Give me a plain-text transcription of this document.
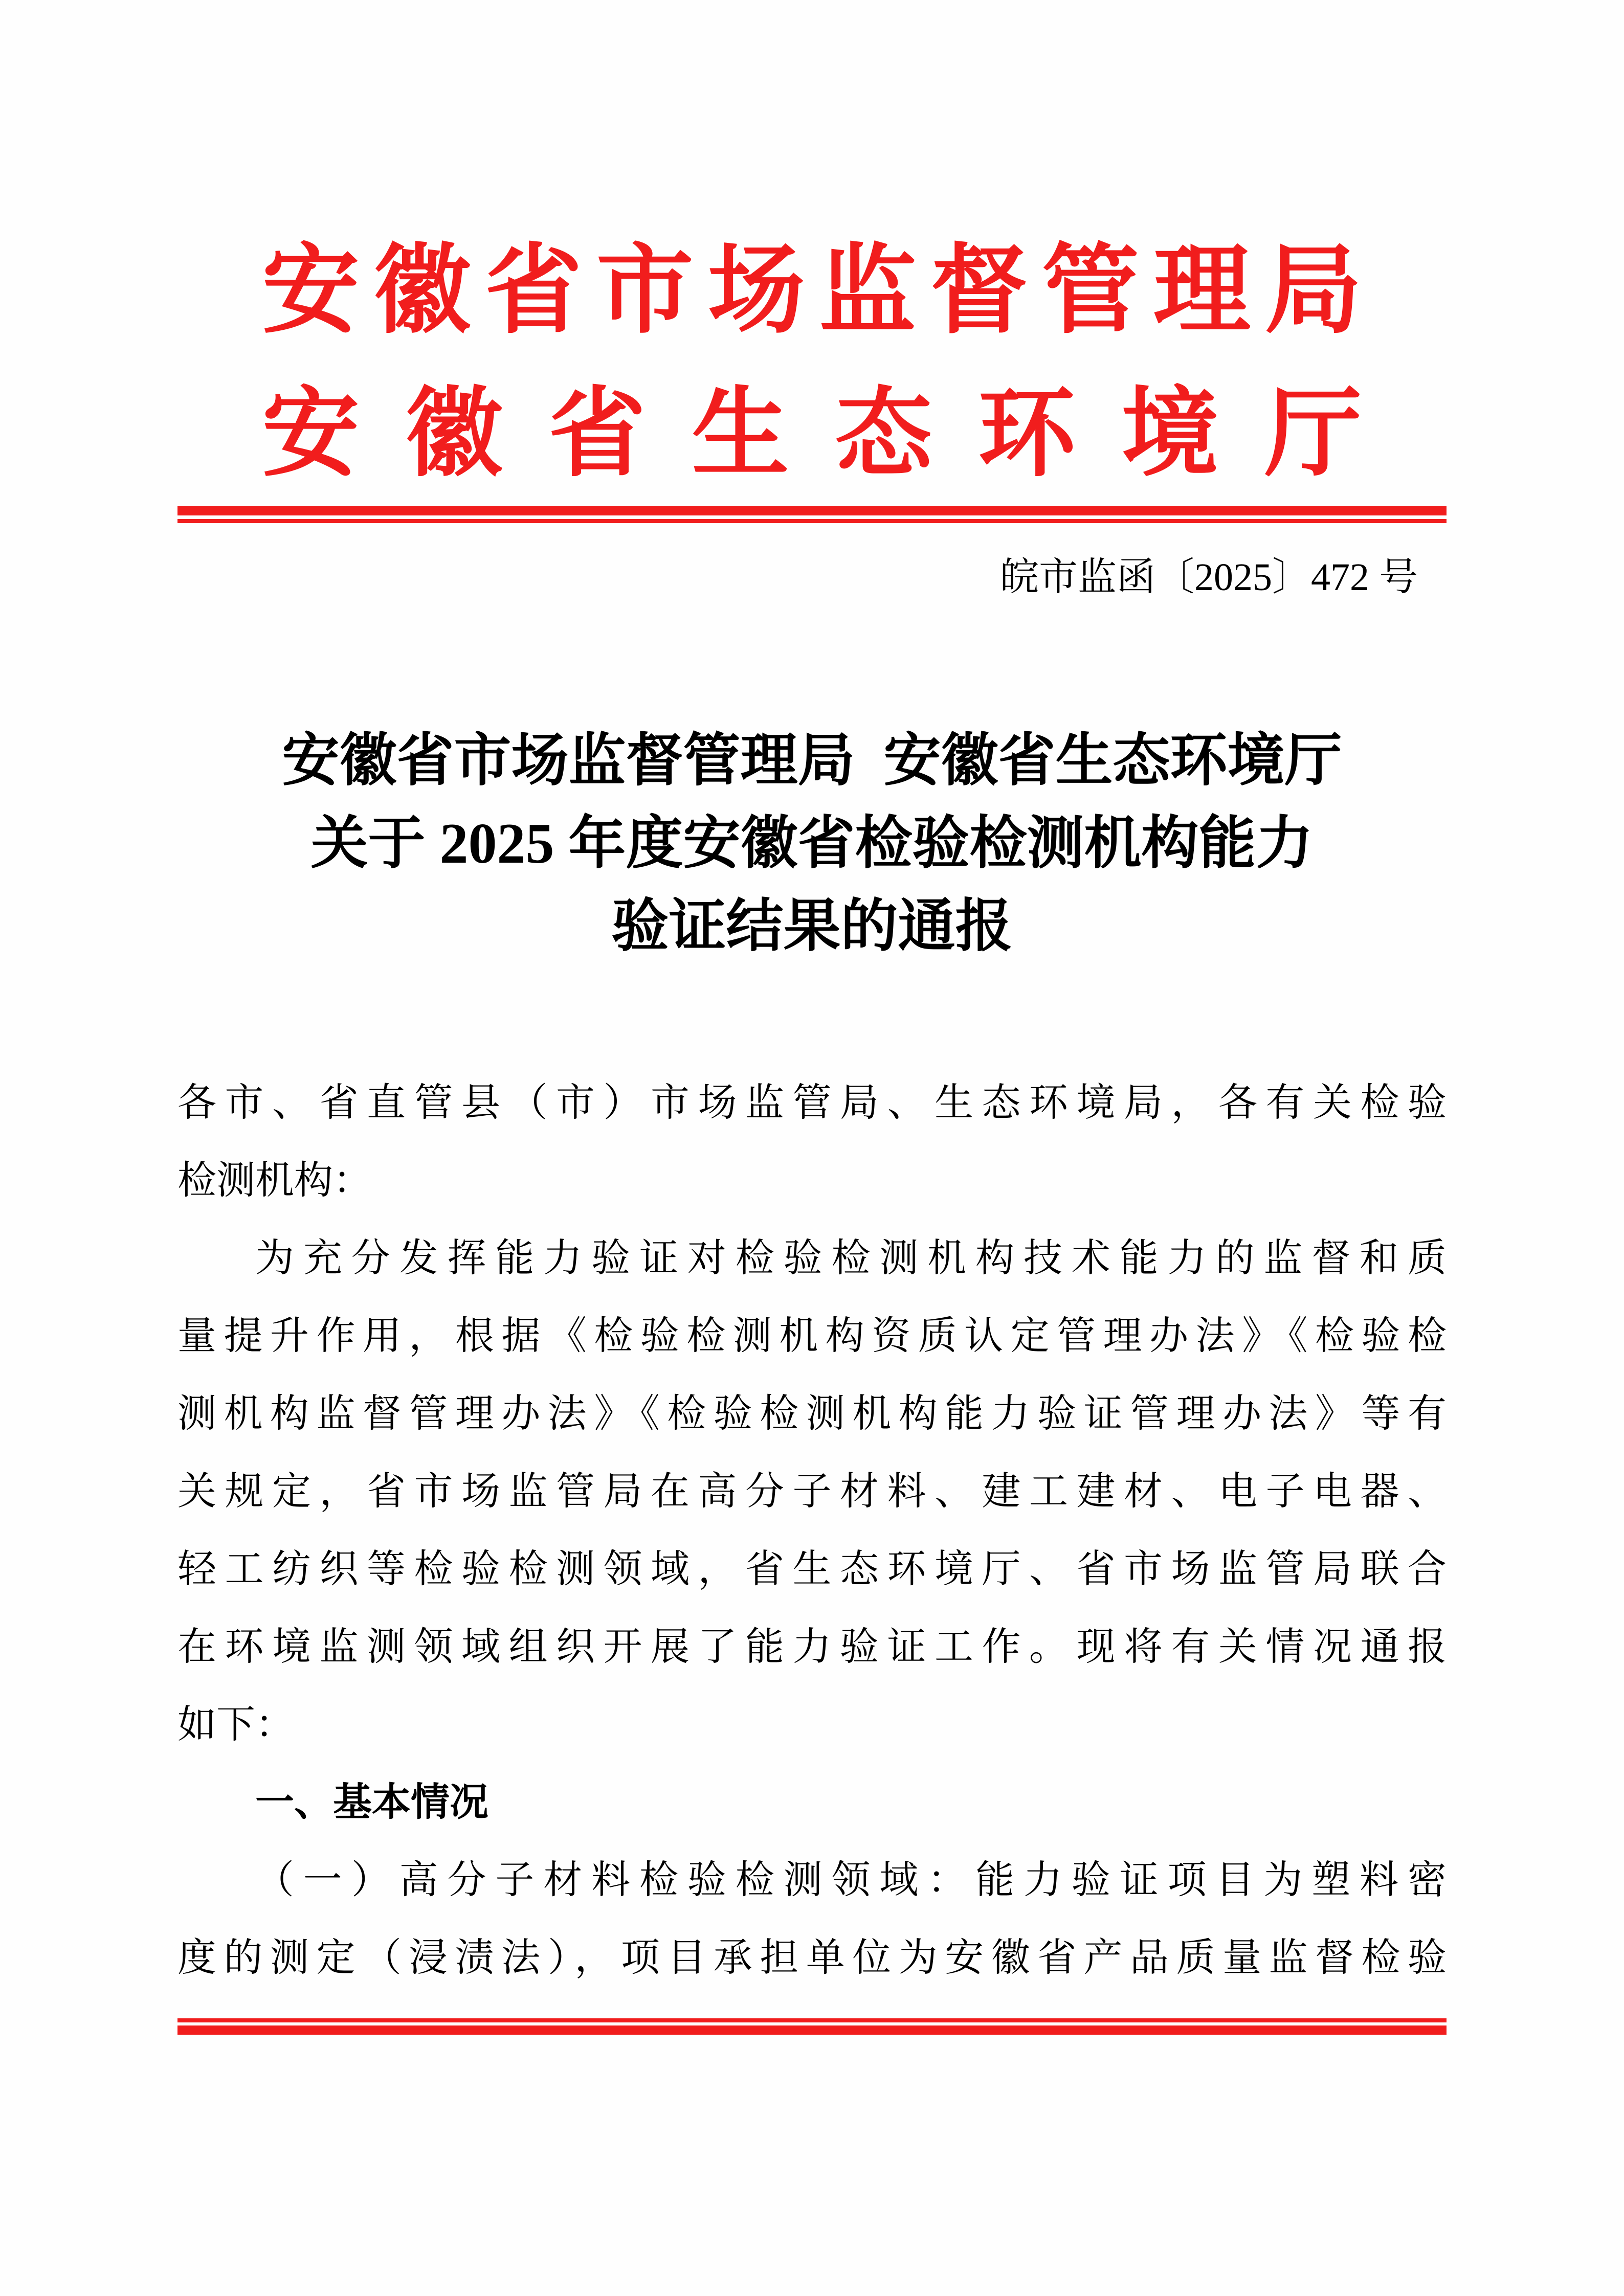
安徽省市场监督管理局
安徽省生态环境厅
皖市监函〔2025〕472 号
安徽省市场监督管理局  安徽省生态环境厅
关于 2025 年度安徽省检验检测机构能力
验证结果的通报
各市、省直管县（市）市场监管局、生态环境局，各有关检验
检测机构：
为充分发挥能力验证对检验检测机构技术能力的监督和质
量提升作用，根据《检验检测机构资质认定管理办法》《检验检
测机构监督管理办法》《检验检测机构能力验证管理办法》等有
关规定，省市场监管局在高分子材料、建工建材、电子电器、
轻工纺织等检验检测领域，省生态环境厅、省市场监管局联合
在环境监测领域组织开展了能力验证工作。现将有关情况通报
如下：
一、基本情况
（一）高分子材料检验检测领域：能力验证项目为塑料密
度的测定（浸渍法），项目承担单位为安徽省产品质量监督检验
